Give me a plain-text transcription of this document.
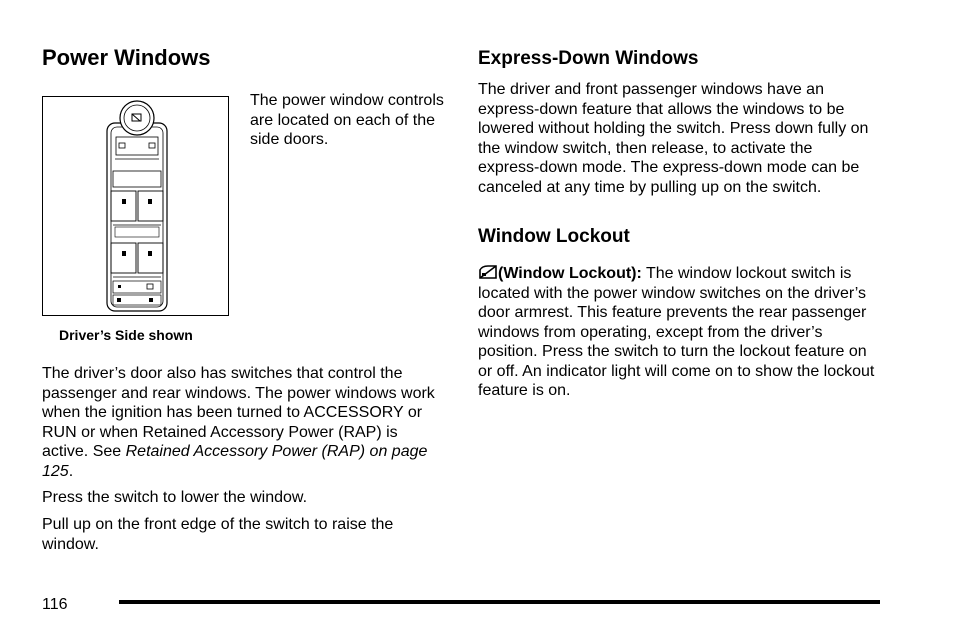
Power Windows
The power window controls are located on each of the side doors.
Driver’s Side shown
The driver’s door also has switches that control the passenger and rear windows. The power windows work when the ignition has been turned to ACCESSORY or RUN or when Retained Accessory Power (RAP) is active. See Retained Accessory Power (RAP) on page 125.
Press the switch to lower the window.
Pull up on the front edge of the switch to raise the window.
Express-Down Windows

The driver and front passenger windows have an express-down feature that allows the windows to be lowered without holding the switch. Press down fully on the window switch, then release, to activate the express-down mode. The express-down mode can be canceled at any time by pulling up on the switch.

Window Lockout

(Window Lockout): The window lockout switch is located with the power window switches on the driver’s door armrest. This feature prevents the rear passenger windows from operating, except from the driver’s position. Press the switch to turn the lockout feature on or off. An indicator light will come on to show the lockout feature is on.

116
